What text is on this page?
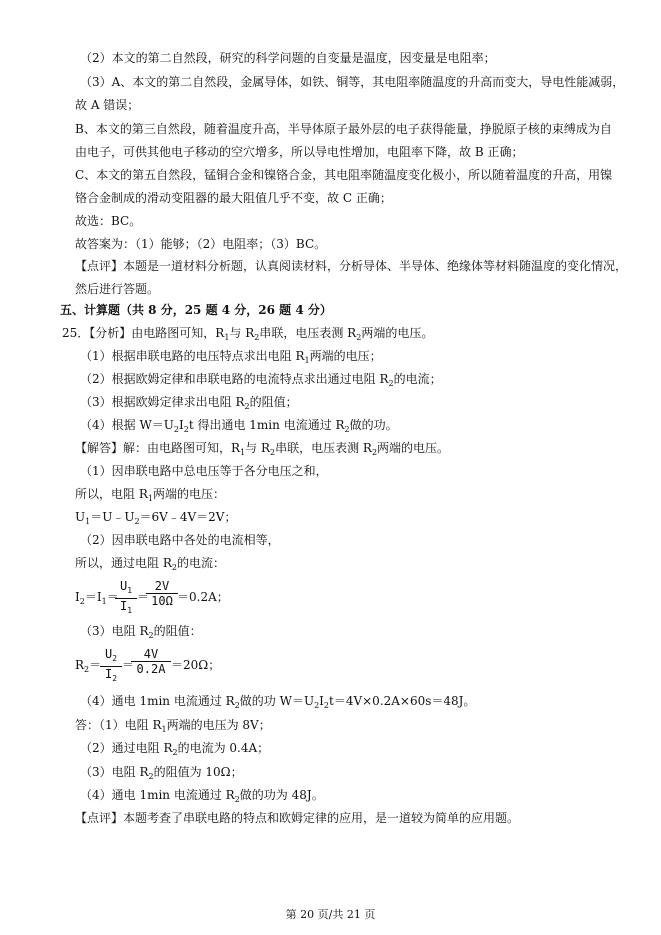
（2）本文的第二自然段，研究的科学问题的自变量是温度，因变量是电阻率；
（3）A、本文的第二自然段，金属导体，如铁、铜等，其电阻率随温度的升高而变大，导电性能减弱，
故 A 错误；
B、本文的第三自然段，随着温度升高，半导体原子最外层的电子获得能量，挣脱原子核的束缚成为自
由电子，可供其他电子移动的空穴增多，所以导电性增加，电阻率下降，故 B 正确；
C、本文的第五自然段，锰铜合金和镍铬合金，其电阻率随温度变化极小，所以随着温度的升高，用镍
铬合金制成的滑动变阻器的最大阻值几乎不变，故 C 正确；
故选：BC。
故答案为：（1）能够；（2）电阻率；（3）BC。
【点评】本题是一道材料分析题，认真阅读材料，分析导体、半导体、绝缘体等材料随温度的变化情况，
然后进行答题。
五、计算题（共 8 分，25 题 4 分，26 题 4 分）
25．【分析】由电路图可知，$R_1$与 $R_2$串联，电压表测 $R_2$两端的电压。
（1）根据串联电路的电压特点求出电阻 $R_1$两端的电压；
（2）根据欧姆定律和串联电路的电流特点求出通过电阻 $R_2$的电流；
（3）根据欧姆定律求出电阻 $R_2$的阻值；
（4）根据 $W=U_2I_2t$ 得出通电 1min 电流通过 $R_2$做的功。
【解答】解：由电路图可知，$R_1$与 $R_2$串联，电压表测 $R_2$两端的电压。
（1）因串联电路中总电压等于各分电压之和，
所以，电阻 $R_1$两端的电压：
$U_1=U﹣U_2=6V﹣4V=2V$；
（2）因串联电路中各处的电流相等，
所以，通过电阻 $R_2$的电流：
$I_2=I_1=$
$\frac{U_1}{I_1}$ ＝
$\frac{2V}{10\Omega} =0.2A$；
（3）电阻 $R_2$的阻值：
$R_2=$
$\frac{U_2}{I_2}$ ＝
$\frac{4V}{0.2A} =20\Omega$；
（4）通电 1min 电流通过 $R_2$做的功 $W=U_2I_2t=4V\times 0.2A\times 60s=48J$。
答：（1）电阻 $R_1$两端的电压为 8V；
（2）通过电阻 $R_2$的电流为 0.4A；
（3）电阻 $R_2$的阻值为 10Ω；
（4）通电 1min 电流通过 $R_2$做的功为 48J。
【点评】本题考查了串联电路的特点和欧姆定律的应用，是一道较为简单的应用题。
第 20 页/共 21 页
